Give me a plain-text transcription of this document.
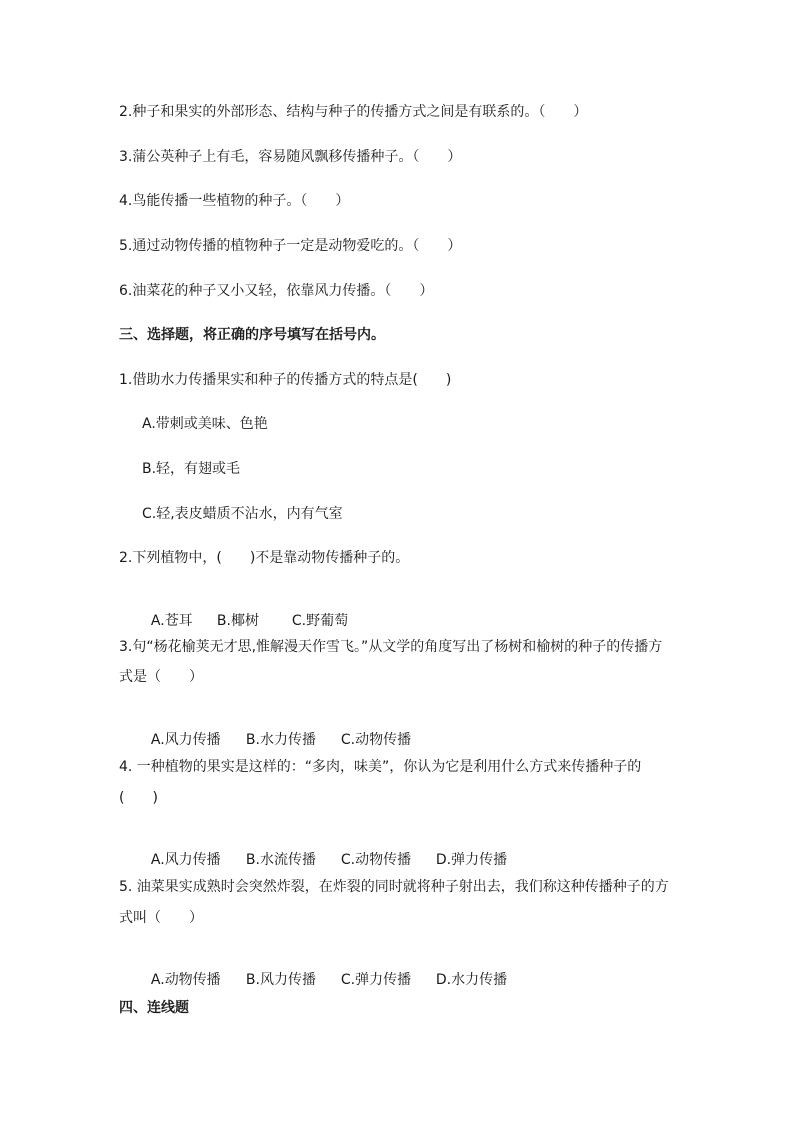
2.种子和果实的外部形态、结构与种子的传播方式之间是有联系的。（　　）
3.蒲公英种子上有毛，容易随风飘移传播种子。（　　）
4.鸟能传播一些植物的种子。（　　）
5.通过动物传播的植物种子一定是动物爱吃的。（　　）
6.油菜花的种子又小又轻，依靠风力传播。（　　）
三、选择题，将正确的序号填写在括号内。
1.借助水力传播果实和种子的传播方式的特点是(　　)
A.带刺或美味、色艳
B.轻，有翅或毛
C.轻,表皮蜡质不沾水，内有气室
2.下列植物中，(　　)不是靠动物传播种子的。

A.苍耳 B.椰树 C.野葡萄

3.句“杨花榆荚无才思,惟解漫天作雪飞。”从文学的角度写出了杨树和榆树的种子的传播方
式是（　　）

A.风力传播 B.水力传播 C.动物传播

4. 一种植物的果实是这样的：“多肉，味美”，你认为它是利用什么方式来传播种子的
(　　)

A.风力传播 B.水流传播 C.动物传播 D.弹力传播

5. 油菜果实成熟时会突然炸裂，在炸裂的同时就将种子射出去，我们称这种传播种子的方
式叫（　　）

A.动物传播 B.风力传播 C.弹力传播 D.水力传播

四、连线题
